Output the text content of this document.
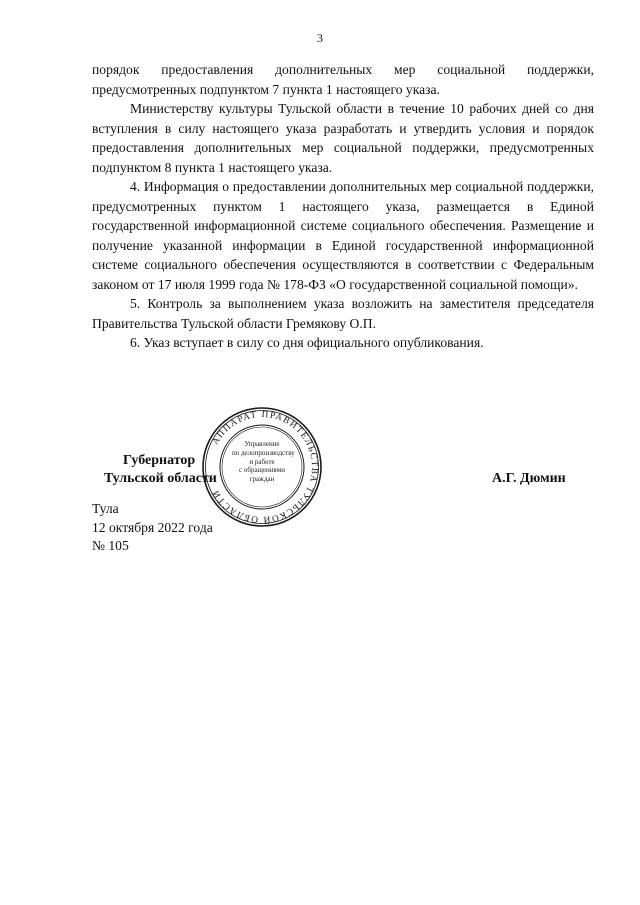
3

порядок предоставления дополнительных мер социальной поддержки, предусмотренных подпунктом 7 пункта 1 настоящего указа.

Министерству культуры Тульской области в течение 10 рабочих дней со дня вступления в силу настоящего указа разработать и утвердить условия и порядок предоставления дополнительных мер социальной поддержки, предусмотренных подпунктом 8 пункта 1 настоящего указа.

4. Информация о предоставлении дополнительных мер социальной поддержки, предусмотренных пунктом 1 настоящего указа, размещается в Единой государственной информационной системе социального обеспечения. Размещение и получение указанной информации в Единой государственной информационной системе социального обеспечения осуществляются в соответствии с Федеральным законом от 17 июля 1999 года № 178-ФЗ «О государственной социальной помощи».

5. Контроль за выполнением указа возложить на заместителя председателя Правительства Тульской области Гремякову О.П.

6. Указ вступает в силу со дня официального опубликования.

Губернатор
Тульской области	А.Г. Дюмин
АППАРАТ ПРАВИТЕЛЬСТВА ТУЛЬСКОЙ ОБЛАСТИ
Управление
по делопроизводству
и работе
с обращениями
граждан
Тула
12 октября 2022 года
№ 105
